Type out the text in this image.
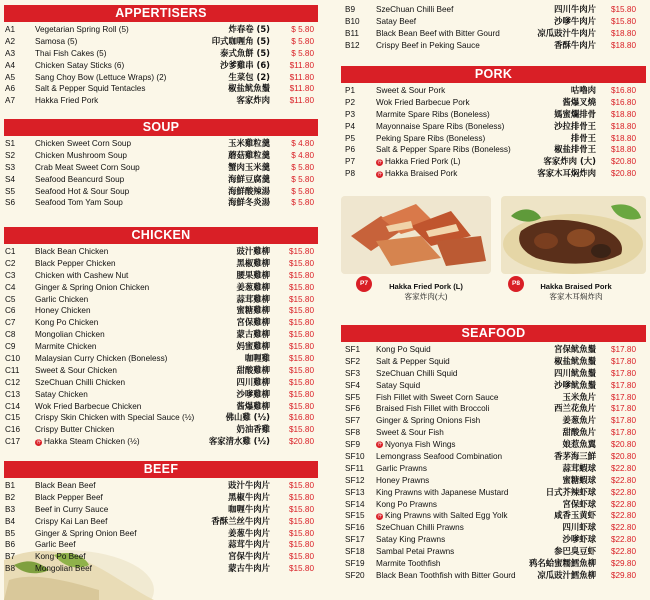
APPERTISERS
A1	Vegetarian Spring Roll (5)	炸春卷 (5)	$ 5.80
A2	Samosa (5)	印式咖喱角 (5)	$ 5.80
A3	Thai Fish Cakes (5)	泰式魚餅 (5)	$ 5.80
A4	Chicken Satay Sticks (6)	沙爹雞串 (6) $11.80
A5	Sang Choy Bow (Lettuce Wraps) (2)	生菜包 (2) $11.80
A6	Salt & Pepper Squid Tentacles	椒盐鱿魚鬚 $11.80
A7	Hakka Fried Pork	客家炸肉 $11.80
SOUP
S1	Chicken Sweet Corn Soup	玉米雞粒羹	$ 4.80
S2	Chicken Mushroom Soup	蘑菇雞粒羹	$ 4.80
S3	Crab Meat Sweet Corn Soup	蟹肉玉米羹	$ 5.80
S4	Seafood Beancurd Soup	海鮮豆腐羹	$ 5.80
S5	Seafood Hot & Sour Soup	海鮮酸辣湯	$ 5.80
S6	Seafood Tom Yam Soup	海鮮冬炎湯	$ 5.80
CHICKEN
C1	Black Bean Chicken	豉汁雞柳 $15.80
C2	Black Pepper Chicken	黑椒雞柳 $15.80
C3	Chicken with Cashew Nut	腰果雞柳 $15.80
C4	Ginger & Spring Onion Chicken	姜葱雞柳 $15.80
C5	Garlic Chicken	蒜茸雞柳 $15.80
C6	Honey Chicken	蜜糖雞柳 $15.80
C7	Kong Po Chicken	宮保雞柳 $15.80
C8	Mongolian Chicken	蒙古雞柳 $15.80
C9	Marmite Chicken	妈蜜雞柳 $15.80
C10	Malaysian Curry Chicken (Boneless)	咖喱雞 $15.80
C11	Sweet & Sour Chicken	甜酸雞柳 $15.80
C12	SzeChuan Chilli Chicken	四川雞柳 $15.80
C13	Satay Chicken	沙嗲雞柳 $15.80
C14	Wok Fried Barbecue Chicken	酱爆雞柳 $15.80
C15	Crispy Skin Chicken with Special Sauce (½)	佛山雞 (½) $16.80
C16	Crispy Butter Chicken	奶油香雞 $15.80
C17	客 Hakka Steam Chicken (½)	客家清水雞 (½) $20.80
BEEF
B1	Black Bean Beef	豉汁牛肉片 $15.80
B2	Black Pepper Beef	黑椒牛肉片 $15.80
B3	Beef in Curry Sauce	咖喱牛肉片 $15.80
B4	Crispy Kai Lan Beef	香酥兰丝牛肉片 $15.80
B5	Ginger & Spring Onion Beef	姜葱牛肉片 $15.80
B6	Garlic Beef	蒜茸牛肉片 $15.80
B7	Kong Po Beef	宮保牛肉片 $15.80
B8	Mongolian Beef	蒙古牛肉片 $15.80
B9	SzeChuan Chilli Beef	四川牛肉片 $15.80
B10	Satay Beef	沙嗲牛肉片 $15.80
B11	Black Bean Beef with Bitter Gourd	凉瓜豉汁牛肉片 $18.80
B12	Crispy Beef in Peking Sauce	香酥牛肉片 $18.80
PORK
P1	Sweet & Sour Pork	咕嚕肉 $16.80
P2	Wok Fried Barbecue Pork	酱爆叉燒 $16.80
P3	Marmite Spare Ribs (Boneless)	媽蜜爛排骨 $18.80
P4	Mayonnaise Spare Ribs (Boneless)	沙拉排骨王 $18.80
P5	Peking Spare Ribs (Boneless)	排骨王 $18.80
P6	Salt & Pepper Spare Ribs (Boneless)	椒盐排骨王 $18.80
P7	客 Hakka Fried Pork (L)	客家炸肉 (大) $20.80
P8	客 Hakka Braised Pork	客家木耳焖炸肉 $20.80
P7	Hakka Fried Pork (L)
客家炸肉(大)
P8	Hakka Braised Pork
客家木耳焖炸肉
SEAFOOD
SF1	Kong Po Squid	宮保鱿魚鬚 $17.80
SF2	Salt & Pepper Squid	椒盐鱿魚鬚 $17.80
SF3	SzeChuan Chilli Squid	四川鱿魚鬚 $17.80
SF4	Satay Squid	沙嗲鱿魚鬚 $17.80
SF5	Fish Fillet with Sweet Corn Sauce	玉米魚片 $17.80
SF6	Braised Fish Fillet with Broccoli	西兰花魚片 $17.80
SF7	Ginger & Spring Onions Fish	姜葱魚片 $17.80
SF8	Sweet & Sour Fish	甜酸魚片 $17.80
SF9	客 Nyonya Fish Wings	娘惹魚翼 $20.80
SF10	Lemongrass Seafood Combination	香茅海三鮮 $20.80
SF11	Garlic Prawns	蒜茸蝦球 $22.80
SF12	Honey Prawns	蜜糖蝦球 $22.80
SF13	King Prawns with Japanese Mustard	日式芥辣虾球 $22.80
SF14	Kong Po Prawns	宮保虾球 $22.80
SF15	客 King Prawns with Salted Egg Yolk	咸香玉黄虾 $22.80
SF16	SzeChuan Chilli Prawns	四川虾球 $22.80
SF17	Satay King Prawns	沙嗲虾球 $22.80
SF18	Sambal Petai Prawns	参巴臭豆虾 $22.80
SF19	Marmite Toothfish	鸦名蛤蜜糯鱈魚柳 $29.80
SF20	Black Bean Toothfish with Bitter Gourd	凉瓜豉汁鱈魚柳 $29.80
